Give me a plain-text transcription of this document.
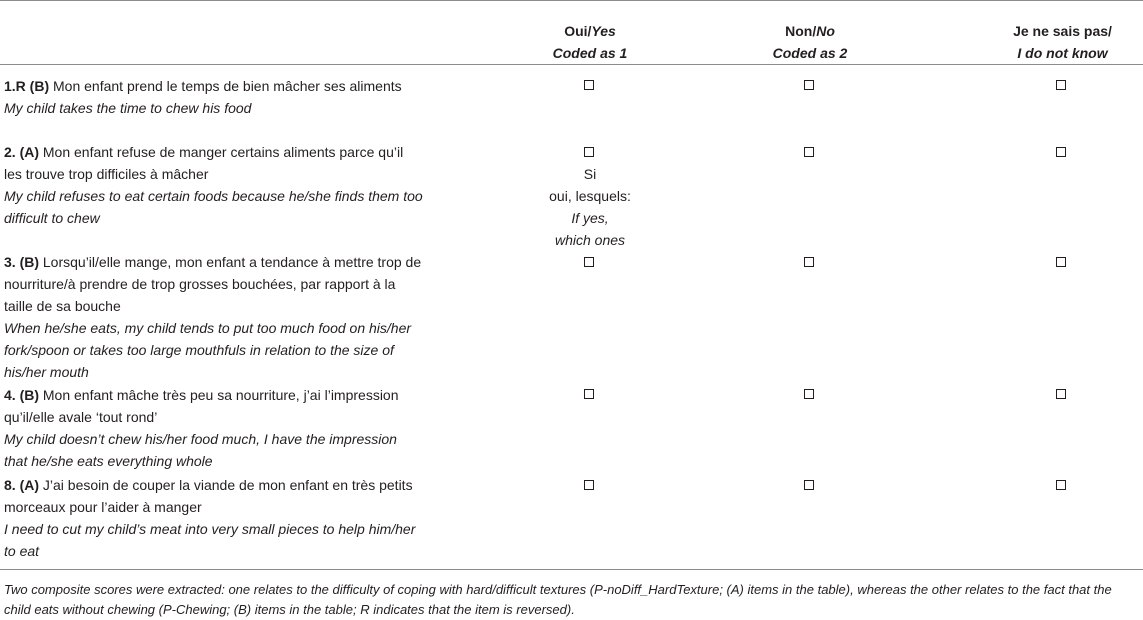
Oui/Yes
Coded as 1
Non/No
Coded as 2
Je ne sais pas/
I do not know
1.R (B) Mon enfant prend le temps de bien mâcher ses aliments
My child takes the time to chew his food
2. (A) Mon enfant refuse de manger certains aliments parce qu’il les trouve trop difficiles à mâcher
My child refuses to eat certain foods because he/she finds them too difficult to chew
Si
oui, lesquels:
If yes,
which ones
3. (B) Lorsqu’il/elle mange, mon enfant a tendance à mettre trop de nourriture/à prendre de trop grosses bouchées, par rapport à la taille de sa bouche
When he/she eats, my child tends to put too much food on his/her fork/spoon or takes too large mouthfuls in relation to the size of his/her mouth
4. (B) Mon enfant mâche très peu sa nourriture, j’ai l’impression qu’il/elle avale ‘tout rond’
My child doesn’t chew his/her food much, I have the impression that he/she eats everything whole
8. (A) J’ai besoin de couper la viande de mon enfant en très petits morceaux pour l’aider à manger
I need to cut my child’s meat into very small pieces to help him/her to eat
Two composite scores were extracted: one relates to the difficulty of coping with hard/difficult textures (P-noDiff_HardTexture; (A) items in the table), whereas the other relates to the fact that the child eats without chewing (P-Chewing; (B) items in the table; R indicates that the item is reversed).
